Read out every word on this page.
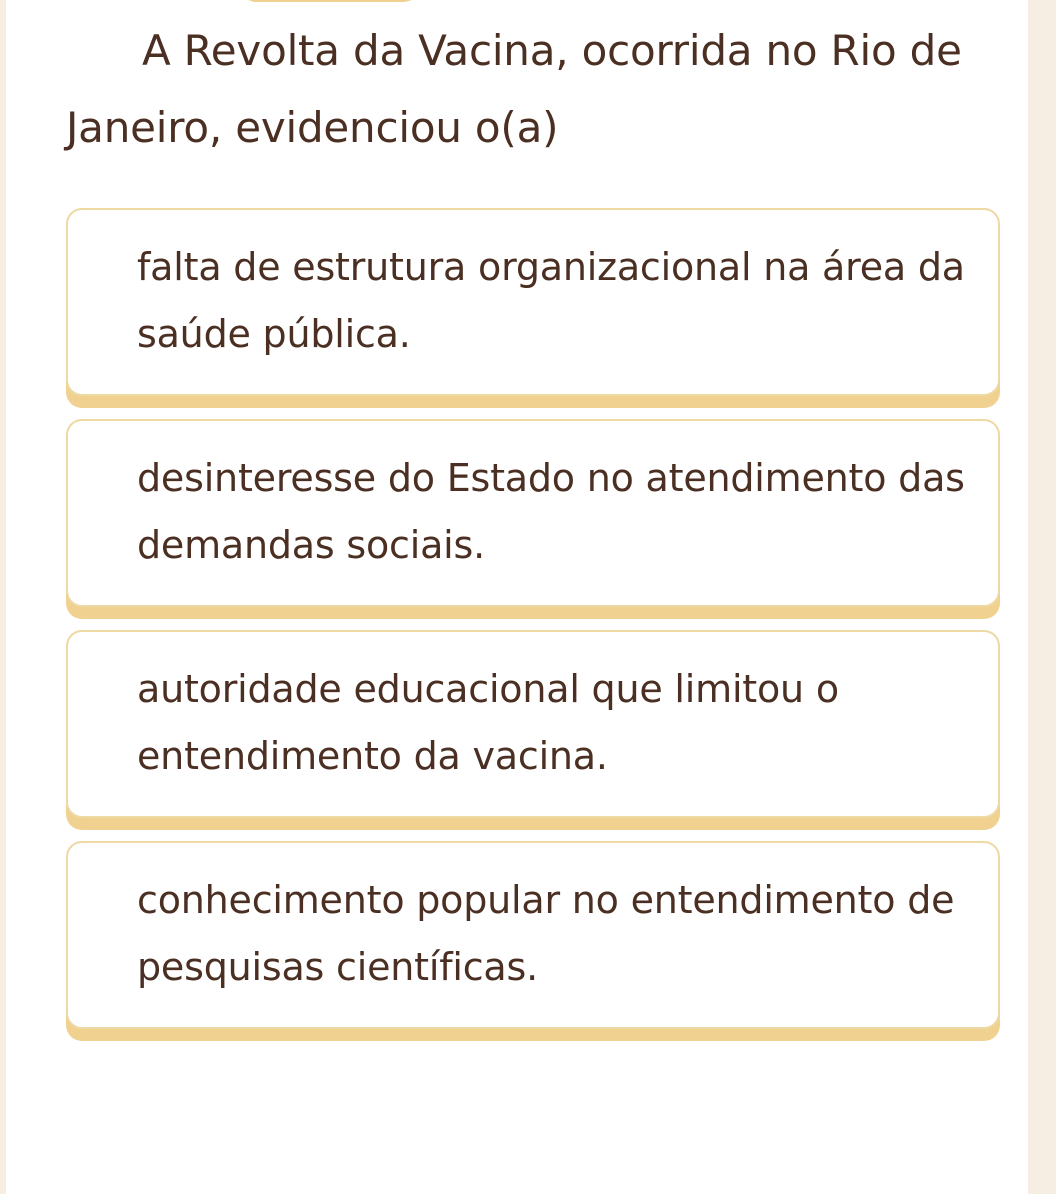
A Revolta da Vacina, ocorrida no Rio de Janeiro, evidenciou o(a)

falta de estrutura organizacional na área da saúde pública.
desinteresse do Estado no atendimento das demandas sociais.
autoridade educacional que limitou o entendimento da vacina.
conhecimento popular no entendimento de pesquisas científicas.
